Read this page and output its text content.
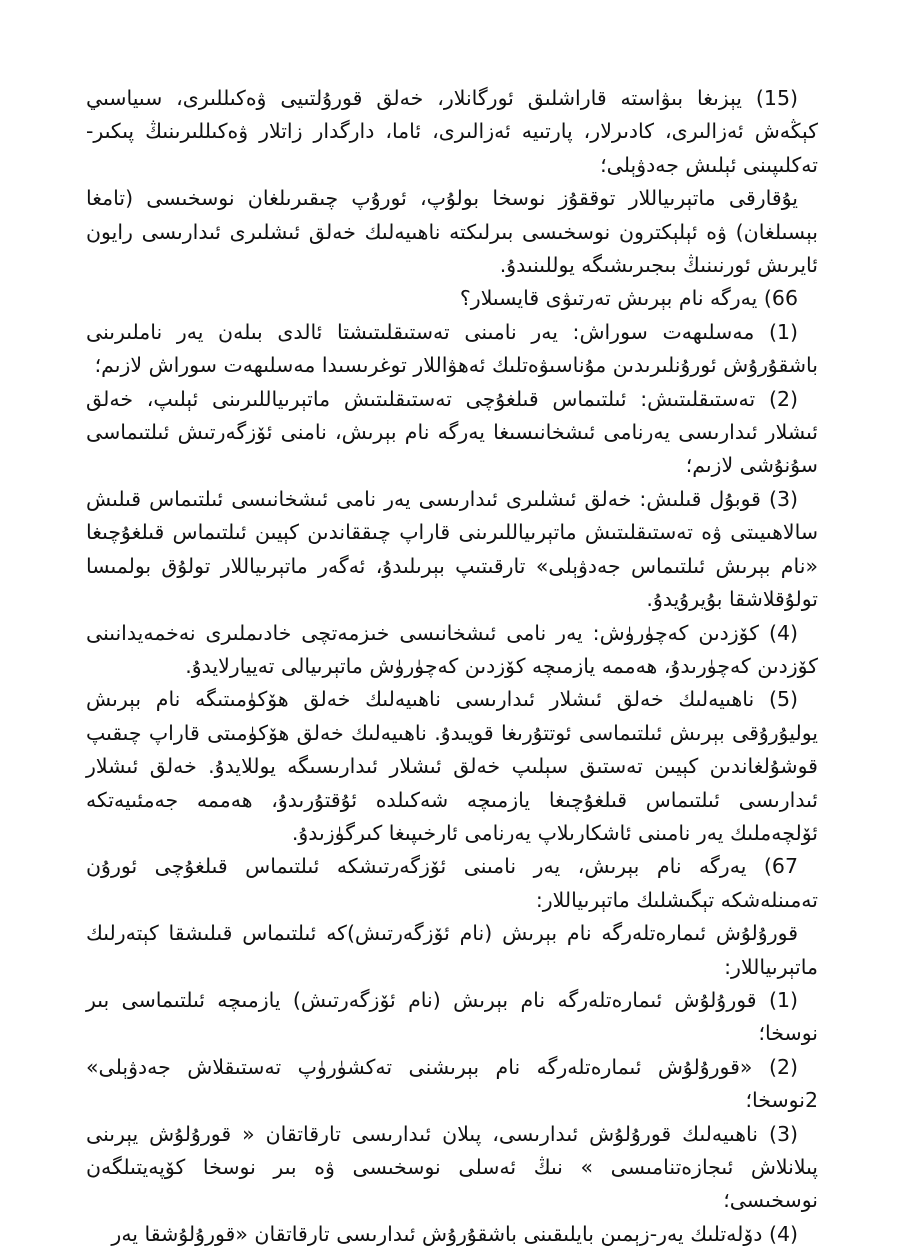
(15) يېزىغا بىۋاستە قاراشلىق ئورگانلار، خەلق قورۇلتىيى ۋەكىللىرى، سىياسىي كېڭەش ئەزالىرى، كادىرلار، پارتىيە ئەزالىرى، ئاما، دارگدار زاتلار ۋەكىللىرىنىڭ پىكىر-تەكلىپىنى ئېلىش جەدۋېلى؛

يۇقارقى ماتېرىياللار توققۇز نوسخا بولۇپ، ئورۇپ چىقىرىلغان نوسخىسى (تامغا بېسىلغان) ۋە ئېلېكترون نوسخىسى بىرلىكتە ناھىيەلىك خەلق ئىشلىرى ئىدارىسى رايون ئايرىش ئورنىنىڭ بىجىرىشىگە يوللىنىدۇ.

66) يەرگە نام بېرىش تەرتىۋى قايسىلار؟

(1) مەسلىھەت سوراش: يەر نامىنى تەستىقلىتىشتا ئالدى بىلەن يەر ناملىرىنى باشقۇرۇش ئورۇنلىرىدىن مۇناسىۋەتلىك ئەھۋاللار توغرىسىدا مەسلىھەت سوراش لازىم؛

(2) تەستىقلىتىش: ئىلتىماس قىلغۇچى تەستىقلىتىش ماتېرىياللىرىنى ئېلىپ، خەلق ئىشلار ئىدارىسى يەرنامى ئىشخانىسىغا يەرگە نام بېرىش، نامنى ئۆزگەرتىش ئىلتىماسى سۇنۇشى لازىم؛

(3) قوبۇل قىلىش: خەلق ئىشلىرى ئىدارىسى يەر نامى ئىشخانىسى ئىلتىماس قىلىش سالاھىيىتى ۋە تەستىقلىتىش ماتېرىياللىرىنى قاراپ چىققاندىن كېيىن ئىلتىماس قىلغۇچىغا «نام بېرىش ئىلتىماس جەدۋېلى» تارقىتىپ بېرىلىدۇ، ئەگەر ماتېرىياللار تولۇق بولمىسا تولۇقلاشقا بۇيرۇيدۇ.

(4) كۆزدىن كەچۈرۈش: يەر نامى ئىشخانىسى خىزمەتچى خادىملىرى نەخمەيدانىنى كۆزدىن كەچۈرىدۇ، ھەممە يازمىچە كۆزدىن كەچۈرۈش ماتېرىيالى تەييارلايدۇ.

(5) ناھىيەلىك خەلق ئىشلار ئىدارىسى ناھىيەلىك خەلق ھۆكۈمىتىگە نام بېرىش يوليۇرۇقى بېرىش ئىلتىماسى ئوتتۇرىغا قويىدۇ. ناھىيەلىك خەلق ھۆكۈمىتى قاراپ چىقىپ قوشۇلغاندىن كېيىن تەستىق سېلىپ خەلق ئىشلار ئىدارىسىگە يوللايدۇ. خەلق ئىشلار ئىدارىسى ئىلتىماس قىلغۇچىغا يازمىچە شەكىلدە ئۇقتۇرىدۇ، ھەممە جەمئىيەتكە ئۆلچەملىك يەر نامىنى ئاشكارىلاپ يەرنامى ئارخىپىغا كىرگۈزىدۇ.

67) يەرگە نام بېرىش، يەر نامىنى ئۆزگەرتىشكە ئىلتىماس قىلغۇچى ئورۇن تەمىنلەشكە تېگىشلىك ماتېرىياللار:

قورۇلۇش ئىمارەتلەرگە نام بېرىش (نام ئۆزگەرتىش)كە ئىلتىماس قىلىشقا كېتەرلىك ماتېرىياللار:

(1) قورۇلۇش ئىمارەتلەرگە نام بېرىش (نام ئۆزگەرتىش) يازمىچە ئىلتىماسى بىر نوسخا؛

(2) «قورۇلۇش ئىمارەتلەرگە نام بېرىشنى تەكشۈرۈپ تەستىقلاش جەدۋېلى» 2نوسخا؛

(3) ناھىيەلىك قورۇلۇش ئىدارىسى، پىلان ئىدارىسى تارقاتقان « قورۇلۇش يېرىنى پىلانلاش ئىجازەتنامىسى » نىڭ ئەسلى نوسخىسى ۋە بىر نوسخا كۆپەيتىلگەن نوسخىسى؛

(4) دۆلەتلىك يەر-زېمىن بايلىقىنى باشقۇرۇش ئىدارىسى تارقاتقان «قورۇلۇشقا يەر
